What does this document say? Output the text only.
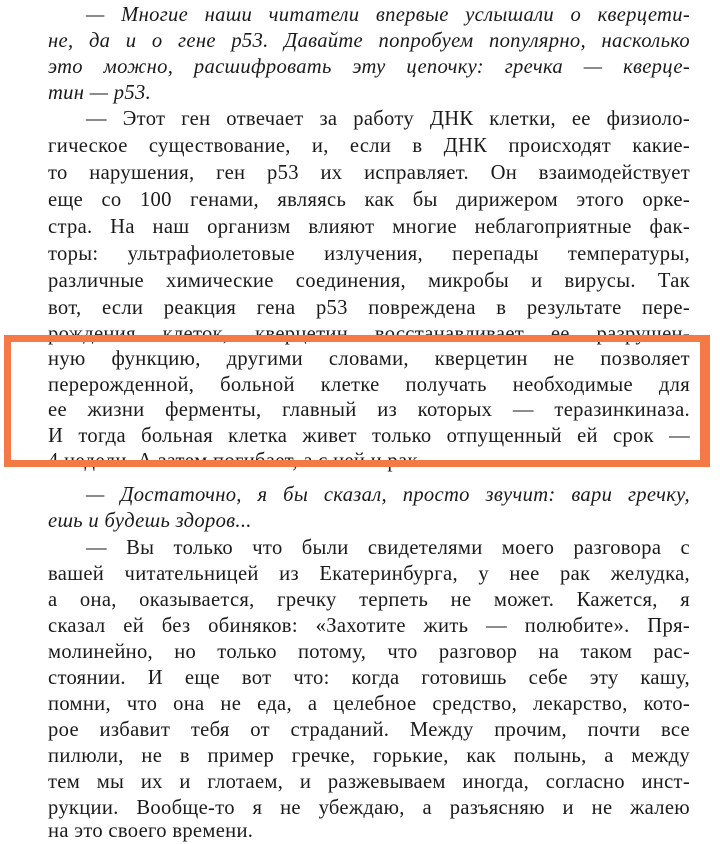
— Многие наши читатели впервые услышали о кверцети-
не, да и о гене р53. Давайте попробуем популярно, насколько
это можно, расшифровать эту цепочку: гречка — кверце-
тин — р53.
— Этот ген отвечает за работу ДНК клетки, ее физиоло-
гическое существование, и, если в ДНК происходят какие-
то нарушения, ген р53 их исправляет. Он взаимодействует
еще со 100 генами, являясь как бы дирижером этого орке-
стра. На наш организм влияют многие неблагоприятные фак-
торы: ультрафиолетовые излучения, перепады температуры,
различные химические соединения, микробы и вирусы. Так
вот, если реакция гена р53 повреждена в результате пере-
рождения клеток, кверцетин восстанавливает ее разрушен-
ную функцию, другими словами, кверцетин не позволяет
перерожденной, больной клетке получать необходимые для
ее жизни ферменты, главный из которых — теразинкиназа.
И тогда больная клетка живет только отпущенный ей срок —
4 недели. А затем погибает, а с ней и рак.
— Достаточно, я бы сказал, просто звучит: вари гречку,
ешь и будешь здоров...
— Вы только что были свидетелями моего разговора с
вашей читательницей из Екатеринбурга, у нее рак желудка,
а она, оказывается, гречку терпеть не может. Кажется, я
сказал ей без обиняков: «Захотите жить — полюбите». Пря-
молинейно, но только потому, что разговор на таком рас-
стоянии. И еще вот что: когда готовишь себе эту кашу,
помни, что она не еда, а целебное средство, лекарство, кото-
рое избавит тебя от страданий. Между прочим, почти все
пилюли, не в пример гречке, горькие, как полынь, а между
тем мы их и глотаем, и разжевываем иногда, согласно инст-
рукции. Вообще-то я не убеждаю, а разъясняю и не жалею
на это своего времени.
